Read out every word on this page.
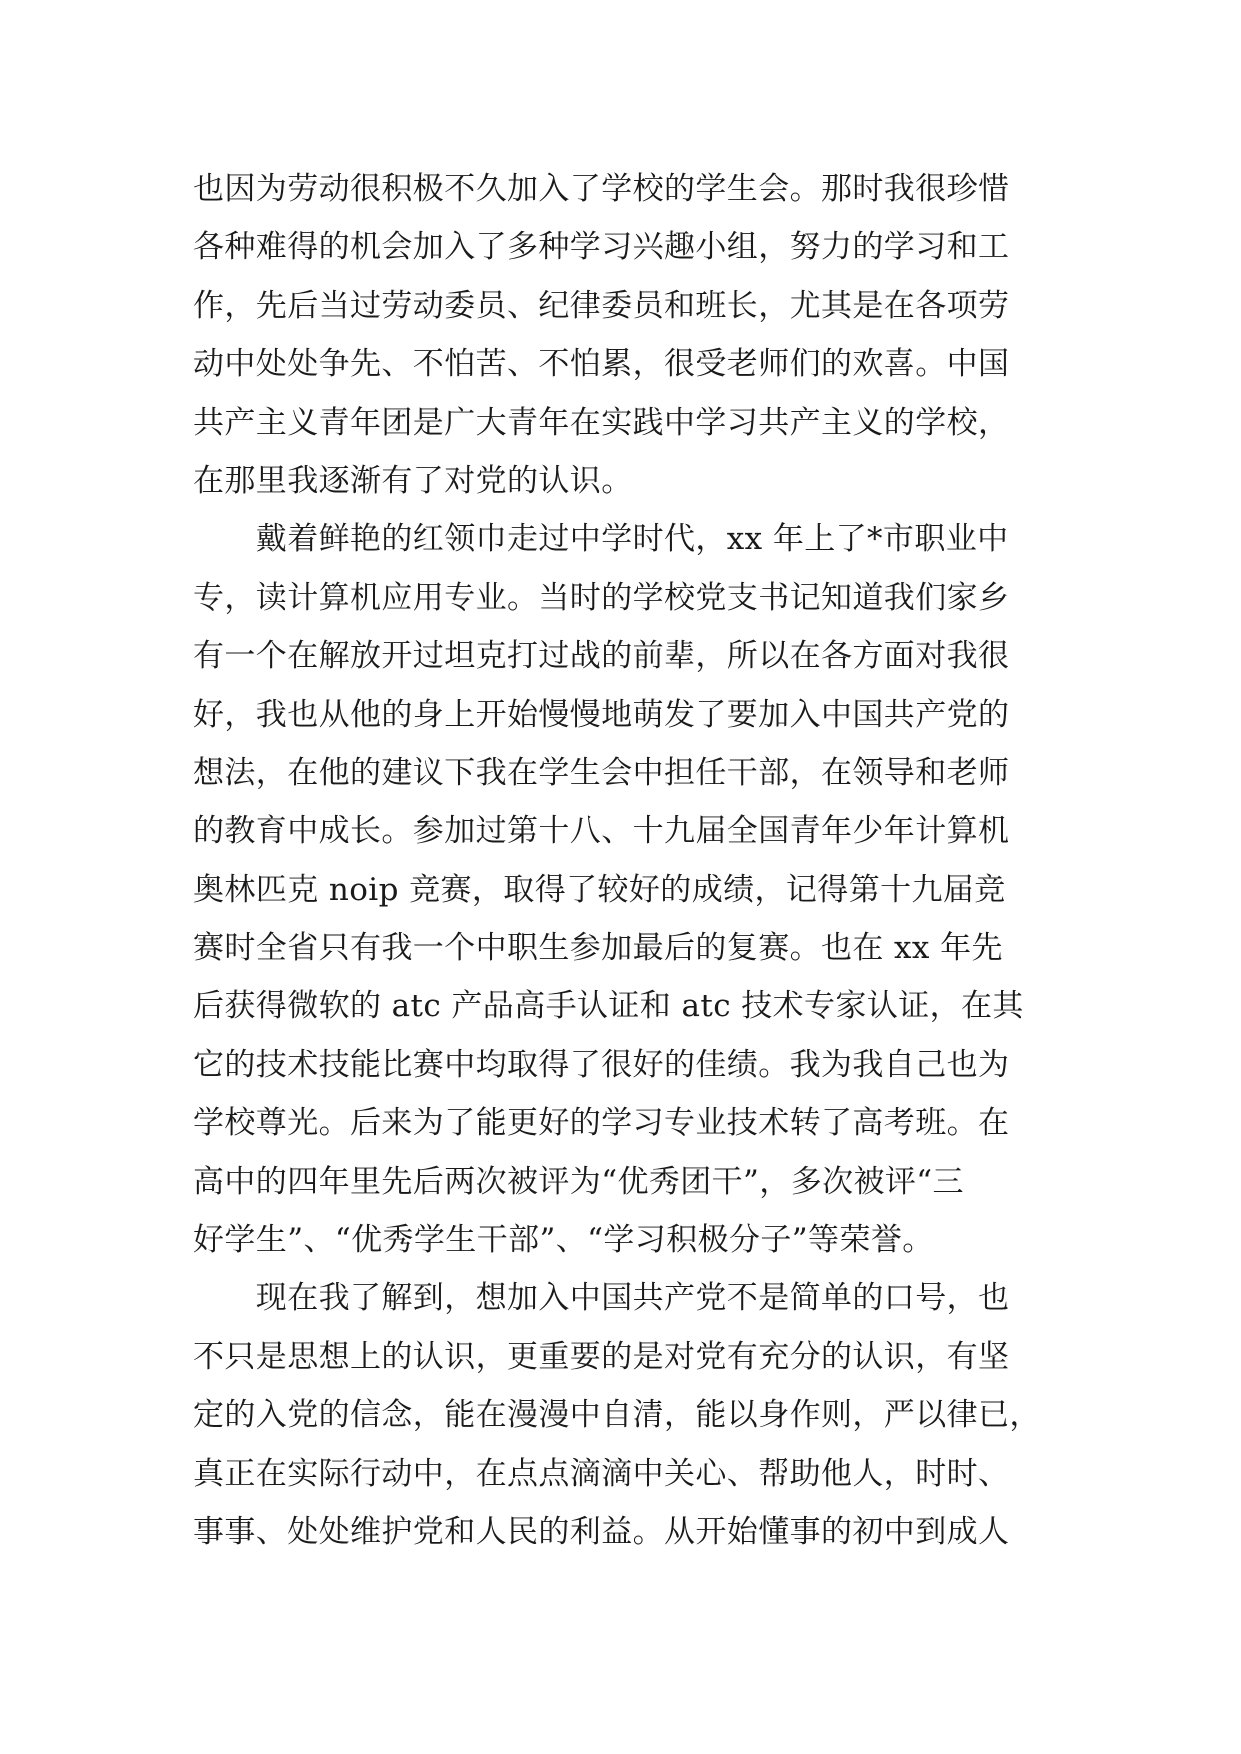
也因为劳动很积极不久加入了学校的学生会。那时我很珍惜
各种难得的机会加入了多种学习兴趣小组，努力的学习和工
作，先后当过劳动委员、纪律委员和班长，尤其是在各项劳
动中处处争先、不怕苦、不怕累，很受老师们的欢喜。中国
共产主义青年团是广大青年在实践中学习共产主义的学校，
在那里我逐渐有了对党的认识。
　　戴着鲜艳的红领巾走过中学时代，xx 年上了*市职业中
专，读计算机应用专业。当时的学校党支书记知道我们家乡
有一个在解放开过坦克打过战的前辈，所以在各方面对我很
好，我也从他的身上开始慢慢地萌发了要加入中国共产党的
想法，在他的建议下我在学生会中担任干部，在领导和老师
的教育中成长。参加过第十八、十九届全国青年少年计算机
奥林匹克 noip 竞赛，取得了较好的成绩，记得第十九届竞
赛时全省只有我一个中职生参加最后的复赛。也在 xx 年先
后获得微软的 atc 产品高手认证和 atc 技术专家认证，在其
它的技术技能比赛中均取得了很好的佳绩。我为我自己也为
学校尊光。后来为了能更好的学习专业技术转了高考班。在
高中的四年里先后两次被评为“优秀团干”，多次被评“三
好学生”、“优秀学生干部”、“学习积极分子”等荣誉。
　　现在我了解到，想加入中国共产党不是简单的口号，也
不只是思想上的认识，更重要的是对党有充分的认识，有坚
定的入党的信念，能在漫漫中自清，能以身作则，严以律已，
真正在实际行动中，在点点滴滴中关心、帮助他人，时时、
事事、处处维护党和人民的利益。从开始懂事的初中到成人
